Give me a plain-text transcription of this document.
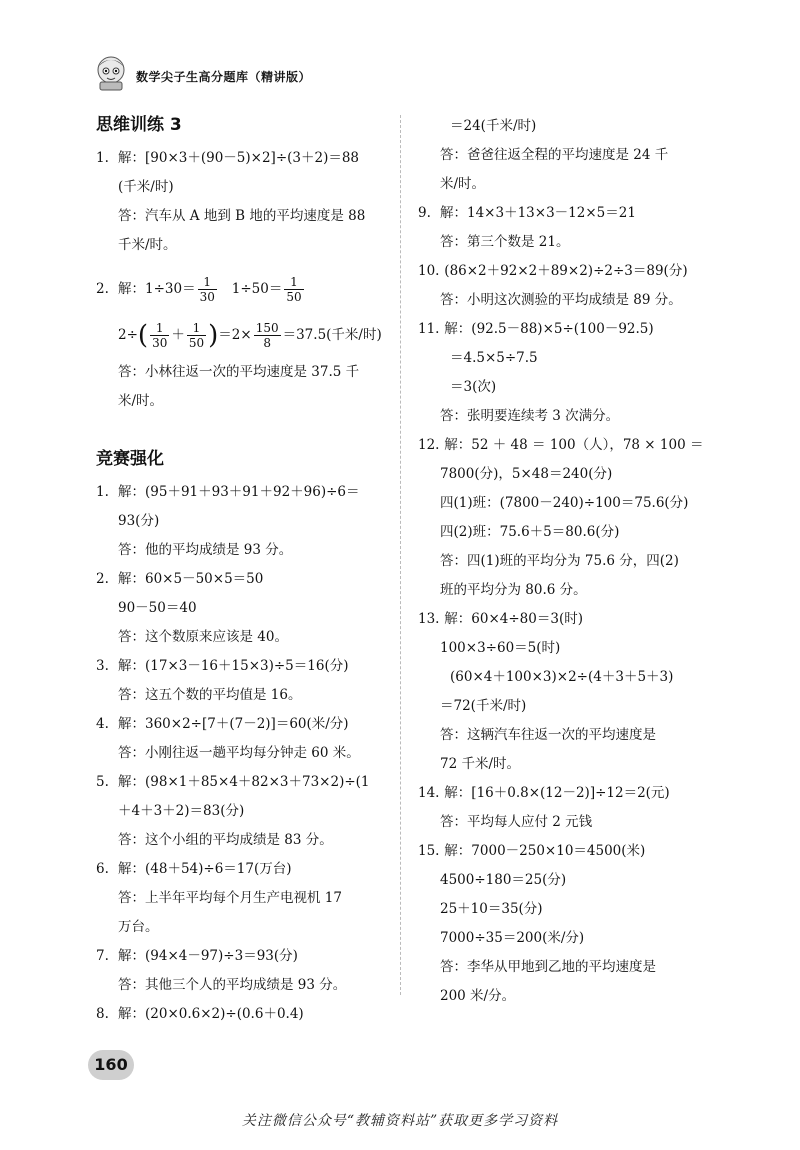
数学尖子生高分题库（精讲版）
思维训练 3
1. 解：[90×3＋(90－5)×2]÷(3＋2)＝88
(千米/时)
答：汽车从 A 地到 B 地的平均速度是 88
千米/时。
2. 解：$1\div 30= \frac{1}{30} 1\div 50= \frac{1}{50}$
$2\div( \frac{1}{30} + \frac{1}{50} )=2\times \frac{150}{8} =37.5$(千米/时)
答：小林往返一次的平均速度是 37.5 千
米/时。
竞赛强化
1. 解：(95＋91＋93＋91＋92＋96)÷6＝
93(分)
答：他的平均成绩是 93 分。
2. 解：60×5－50×5＝50
90－50＝40
答：这个数原来应该是 40。
3. 解：(17×3－16＋15×3)÷5＝16(分)
答：这五个数的平均值是 16。
4. 解：360×2÷[7＋(7－2)]＝60(米/分)
答：小刚往返一趟平均每分钟走 60 米。
5. 解：(98×1＋85×4＋82×3＋73×2)÷(1
＋4＋3＋2)＝83(分)
答：这个小组的平均成绩是 83 分。
6. 解：(48＋54)÷6＝17(万台)
答：上半年平均每个月生产电视机 17
万台。
7. 解：(94×4－97)÷3＝93(分)
答：其他三个人的平均成绩是 93 分。
8. 解：(20×0.6×2)÷(0.6＋0.4)
＝24(千米/时)
答：爸爸往返全程的平均速度是 24 千
米/时。
9. 解：14×3＋13×3－12×5＝21
答：第三个数是 21。
10. (86×2＋92×2＋89×2)÷2÷3＝89(分)
答：小明这次测验的平均成绩是 89 分。
11. 解：(92.5－88)×5÷(100－92.5)
＝4.5×5÷7.5
＝3(次)
答：张明要连续考 3 次满分。
12. 解：52 ＋ 48 ＝ 100（人），78 × 100 ＝
7800(分)，5×48＝240(分)
四(1)班：(7800－240)÷100＝75.6(分)
四(2)班：75.6＋5＝80.6(分)
答：四(1)班的平均分为 75.6 分，四(2)
班的平均分为 80.6 分。
13. 解：60×4÷80＝3(时)
100×3÷60＝5(时)
(60×4＋100×3)×2÷(4＋3＋5＋3)
＝72(千米/时)
答：这辆汽车往返一次的平均速度是
72 千米/时。
14. 解：[16＋0.8×(12－2)]÷12＝2(元)
答：平均每人应付 2 元钱
15. 解：7000－250×10＝4500(米)
4500÷180＝25(分)
25＋10＝35(分)
7000÷35＝200(米/分)
答：李华从甲地到乙地的平均速度是
200 米/分。
160
关注微信公众号“教辅资料站”获取更多学习资料
